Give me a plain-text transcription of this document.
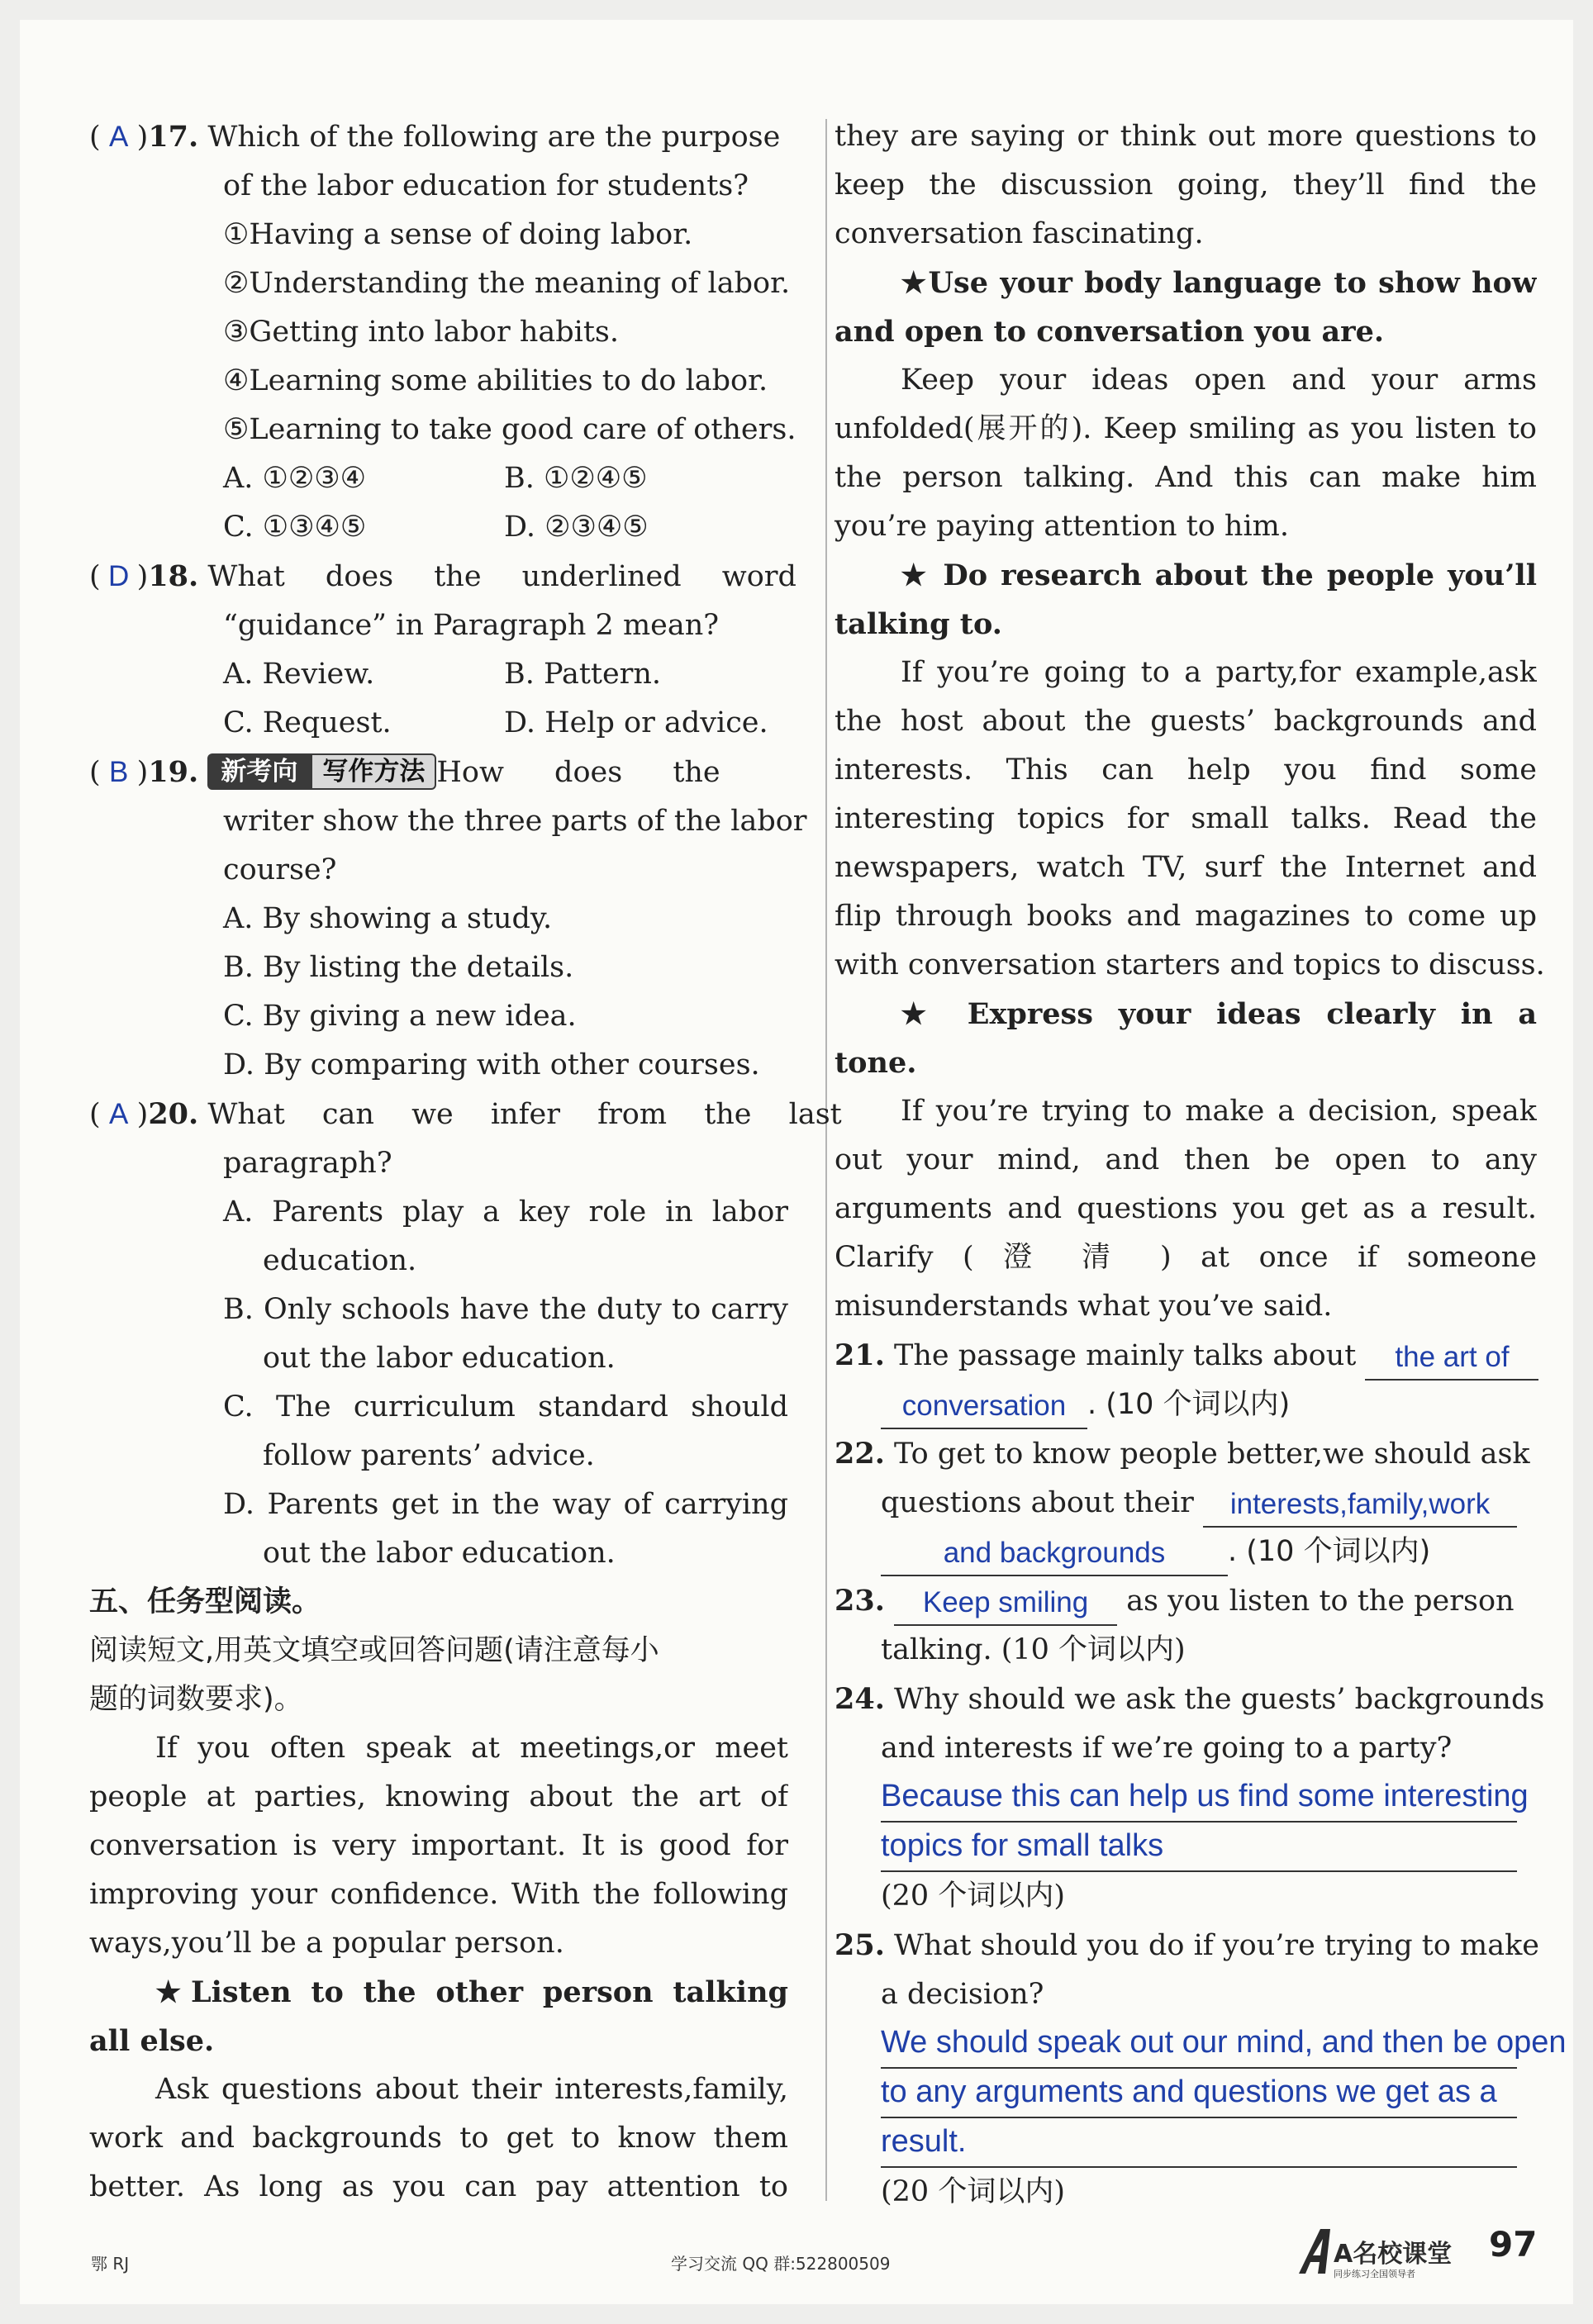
( A )17. Which of the following are the purpose
of the labor education for students?
①Having a sense of doing labor.
②Understanding the meaning of labor.
③Getting into labor habits.
④Learning some abilities to do labor.
⑤Learning to take good care of others.
A. ①②③④	B. ①②④⑤
C. ①③④⑤	D. ②③④⑤
( D )18. What does the underlined word
“guidance” in Paragraph 2 mean?
A. Review.	B. Pattern.
C. Request.	D. Help or advice.
( B )19. 新考向 写作方法 How does the
writer show the three parts of the labor
course?
A. By showing a study.
B. By listing the details.
C. By giving a new idea.
D. By comparing with other courses.
( A )20. What can we infer from the last
paragraph?
A. Parents play a key role in labor
education.
B. Only schools have the duty to carry
out the labor education.
C. The curriculum standard should
follow parents’ advice.
D. Parents get in the way of carrying
out the labor education.
五、任务型阅读。
阅读短文,用英文填空或回答问题(请注意每小
题的词数要求)。
If you often speak at meetings,or meet
people at parties, knowing about the art of
conversation is very important. It is good for
improving your confidence. With the following
ways,you’ll be a popular person.
★Listen to the other person talking
all else.
Ask questions about their interests,family,
work and backgrounds to get to know them
better. As long as you can pay attention to
they are saying or think out more questions to
keep the discussion going, they’ll find the
conversation fascinating.
★Use your body language to show how
and open to conversation you are.
Keep your ideas open and your arms
unfolded(展开的). Keep smiling as you listen to
the person talking. And this can make him
you’re paying attention to him.
★ Do research about the people you’ll
talking to.
If you’re going to a party,for example,ask
the host about the guests’ backgrounds and
interests. This can help you find some
interesting topics for small talks. Read the
newspapers, watch TV, surf the Internet and
flip through books and magazines to come up
with conversation starters and topics to discuss.
★ Express your ideas clearly in a
tone.
If you’re trying to make a decision, speak
out your mind, and then be open to any
arguments and questions you get as a result.
Clarify ( 澄 清 ) at once if someone
misunderstands what you’ve said.
21. The passage mainly talks about the art of
conversation . (10 个词以内)
22. To get to know people better,we should ask
questions about their interests,family,work
and backgrounds . (10 个词以内)
23. Keep smiling as you listen to the person
talking. (10 个词以内)
24. Why should we ask the guests’ backgrounds
and interests if we’re going to a party?
Because this can help us find some interesting
topics for small talks
(20 个词以内)
25. What should you do if you’re trying to make
a decision?
We should speak out our mind, and then be open
to any arguments and questions we get as a
result.
(20 个词以内)
鄂 RJ	学习交流 QQ 群:522800509	A名校课堂
同步练习全国领导者
97
